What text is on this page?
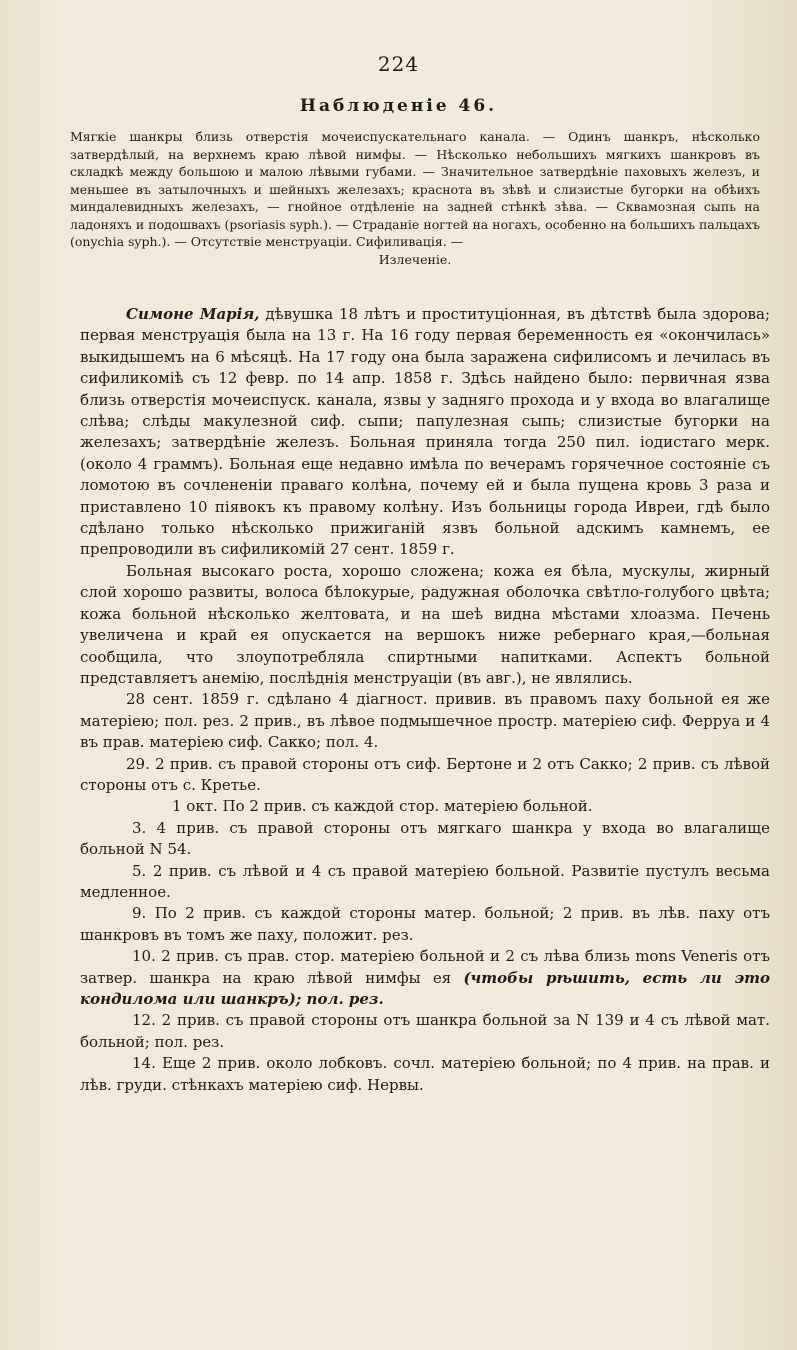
224
Наблюденіе 46.
Мягкіе шанкры близь отверстія мочеиспускательнаго канала. — Одинъ шанкръ, нѣсколько затвердѣлый, на верхнемъ краю лѣвой нимфы. — Нѣсколько небольшихъ мягкихъ шанкровъ въ складкѣ между большою и малою лѣвыми губами. — Значительное затвердѣніе паховыхъ железъ, и меньшее въ затылочныхъ и шейныхъ железахъ; краснота въ зѣвѣ и слизистые бугорки на обѣихъ миндалевидныхъ железахъ, — гнойное отдѣленіе на задней стѣнкѣ зѣва. — Сквамозная сыпь на ладоняхъ и подошвахъ (psoriasis syph.). — Страданіе ногтей на ногахъ, особенно на большихъ пальцахъ (onychia syph.). — Отсутствіе менструаціи. Сифиливація. —
Излеченіе.

Симоне Марія, дѣвушка 18 лѣтъ и проституціонная, въ дѣтствѣ была здорова; первая менструація была на 13 г. На 16 году первая беременность ея «окончилась» выкидышемъ на 6 мѣсяцѣ. На 17 году она была заражена сифилисомъ и лечилась въ сифиликомiѣ съ 12 февр. по 14 апр. 1858 г. Здѣсь найдено было: первичная язва близь отверстія мочеиспуск. канала, язвы у задняго прохода и у входа во влагалище слѣва; слѣды макулезной сиф. сыпи; папулезная сыпь; слизистые бугорки на железахъ; затвердѣніе железъ. Больная приняла тогда 250 пил. іодистаго мерк. (около 4 граммъ). Больная еще недавно имѣла по вечерамъ горячечное состояніе съ ломотою въ сочлененіи праваго колѣна, почему ей и была пущена кровь 3 раза и приставлено 10 піявокъ къ правому колѣну. Изъ больницы города Ивреи, гдѣ было сдѣлано только нѣсколько прижиганій язвъ больной адскимъ камнемъ, ее препроводили въ сифиликомій 27 сент. 1859 г.

Больная высокаго роста, хорошо сложена; кожа ея бѣла, мускулы, жирный слой хорошо развиты, волоса бѣлокурые, радужная оболочка свѣтло-голубого цвѣта; кожа больной нѣсколько желтовата, и на шеѣ видна мѣстами хлоазма. Печень увеличена и край ея опускается на вершокъ ниже ребернаго края,—больная сообщила, что злоупотребляла спиртными напитками. Аспектъ больной представляетъ анемію, послѣднія менструаціи (въ авг.), не являлись.

28 сент. 1859 г. сдѣлано 4 діагност. привив. въ правомъ паху больной ея же матеріею; пол. рез. 2 прив., въ лѣвое подмышечное простр. матеріею сиф. Ферруа и 4 въ прав. матеріею сиф. Сакко; пол. 4.

29. 2 прив. съ правой стороны отъ сиф. Бертоне и 2 отъ Сакко; 2 прив. съ лѣвой стороны отъ с. Кретье.

1 окт. По 2 прив. съ каждой стор. матеріею больной.

3. 4 прив. съ правой стороны отъ мягкаго шанкра у входа во влагалище больной N 54.

5. 2 прив. съ лѣвой и 4 съ правой матеріею больной. Развитіе пустулъ весьма медленное.

9. По 2 прив. съ каждой стороны матер. больной; 2 прив. въ лѣв. паху отъ шанкровъ въ томъ же паху, положит. рез.

10. 2 прив. съ прав. стор. матеріею больной и 2 съ лѣва близь mons Veneris отъ затвер. шанкра на краю лѣвой нимфы ея (чтобы рѣшить, есть ли это кондилома или шанкръ); пол. рез.

12. 2 прив. съ правой стороны отъ шанкра больной за N 139 и 4 съ лѣвой мат. больной; пол. рез.

14. Еще 2 прив. около лобковъ. сочл. матеріею больной; по 4 прив. на прав. и лѣв. груди. стѣнкахъ матеріею сиф. Нервы.
